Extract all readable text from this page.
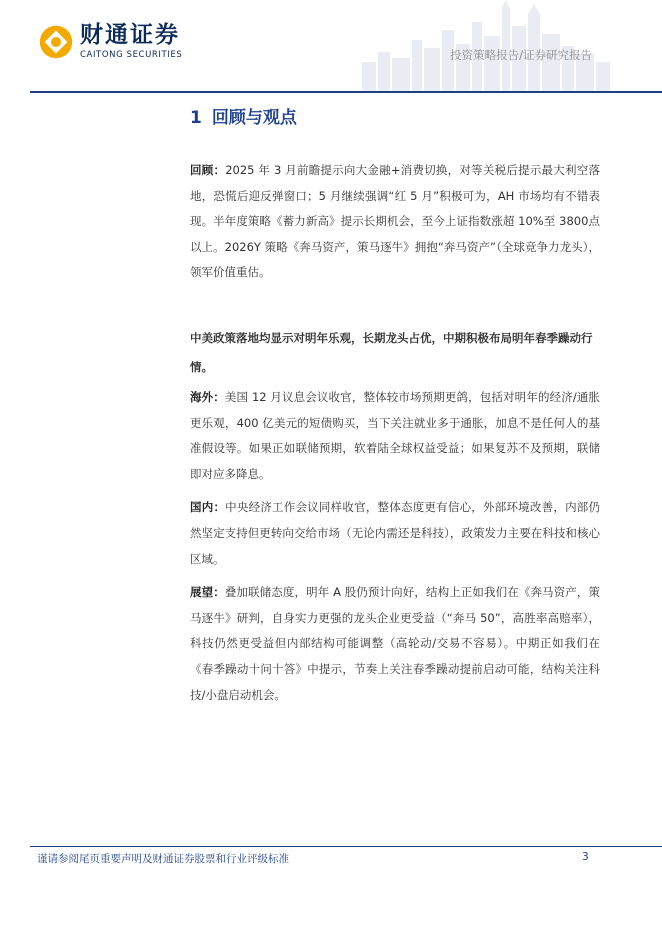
财通证券
CAITONG SECURITIES	投资策略报告/证券研究报告
1 回顾与观点

回顾：2025 年 3 月前瞻提示向大金融+消费切换，对等关税后提示最大利空落地，恐慌后迎反弹窗口；5 月继续强调“红 5 月”积极可为，AH 市场均有不错表现。半年度策略《蓄力新高》提示长期机会，至今上证指数涨超 10%至 3800点以上。2026Y 策略《奔马资产，策马逐牛》拥抱“奔马资产”（全球竞争力龙头），领军价值重估。

中美政策落地均显示对明年乐观，长期龙头占优，中期积极布局明年春季躁动行情。

海外：美国 12 月议息会议收官，整体较市场预期更鸽，包括对明年的经济/通胀更乐观，400 亿美元的短债购买，当下关注就业多于通胀，加息不是任何人的基准假设等。如果正如联储预期，软着陆全球权益受益；如果复苏不及预期，联储即对应多降息。

国内：中央经济工作会议同样收官，整体态度更有信心，外部环境改善，内部仍然坚定支持但更转向交给市场（无论内需还是科技），政策发力主要在科技和核心区域。

展望：叠加联储态度，明年 A 股仍预计向好，结构上正如我们在《奔马资产，策马逐牛》研判，自身实力更强的龙头企业更受益（“奔马 50”，高胜率高赔率），科技仍然更受益但内部结构可能调整（高轮动/交易不容易）。中期正如我们在《春季躁动十问十答》中提示，节奏上关注春季躁动提前启动可能，结构关注科技/小盘启动机会。

谨请参阅尾页重要声明及财通证券股票和行业评级标准	3
